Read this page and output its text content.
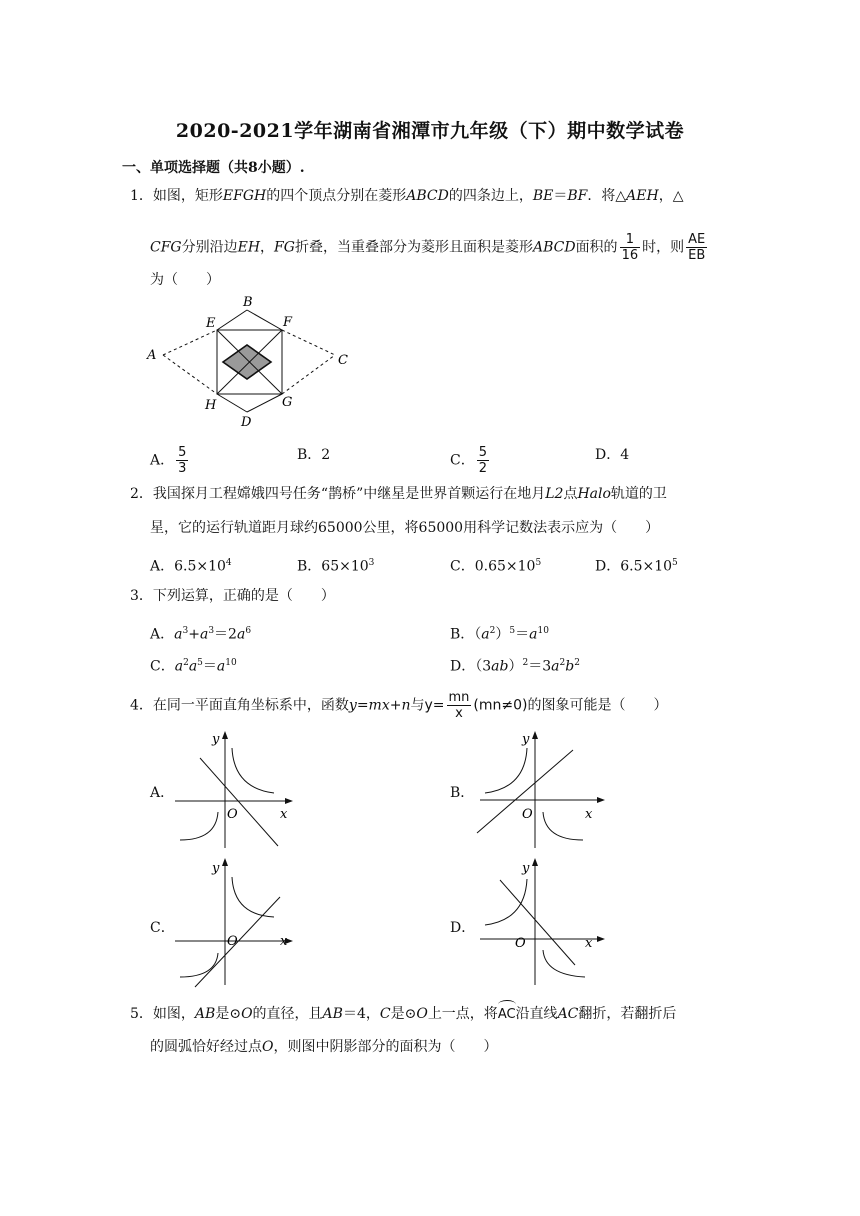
2020-2021学年湖南省湘潭市九年级（下）期中数学试卷
一、单项选择题（共8小题）.
1．如图，矩形EFGH的四个顶点分别在菱形ABCD的四条边上，BE＝BF．将△AEH，△
CFG分别沿边EH，FG折叠，当重叠部分为菱形且面积是菱形ABCD面积的 $\frac{1}{16}$ 时，则 $\frac{AE}{EB}$
为（　　）
A
B
C
D
E	F
G
H
A． $\frac{5}{3}$	B．2	C． $\frac{5}{2}$	D．4
2．我国探月工程嫦娥四号任务“鹊桥”中继星是世界首颗运行在地月L2点Halo轨道的卫
星，它的运行轨道距月球约65000公里，将65000用科学记数法表示应为（　　）
A．$6.5\times 10^4$	B．$65\times 10^3$	C．$0.65\times 10^5$	D．$6.5\times 10^5$
3．下列运算，正确的是（　　）
A．$a^3+a^3=2a^6$	B．$(a^2)^5=a^{10}$
C．$a^2a^5=a^{10}$	D．$(3ab)^2=3a^2b^2$
4．在同一平面直角坐标系中，函数y=mx+n与$y= \frac{mn}{x} (mn\ne 0)$的图象可能是（　　）
A．
y
x
O
B．
y
x
O
C．
y
x
O
D．
y
x
O
5．如图，AB是⊙O的直径，且AB＝4，C是⊙O上一点，将AC沿直线AC翻折，若翻折后
的圆弧恰好经过点O，则图中阴影部分的面积为（　　）
